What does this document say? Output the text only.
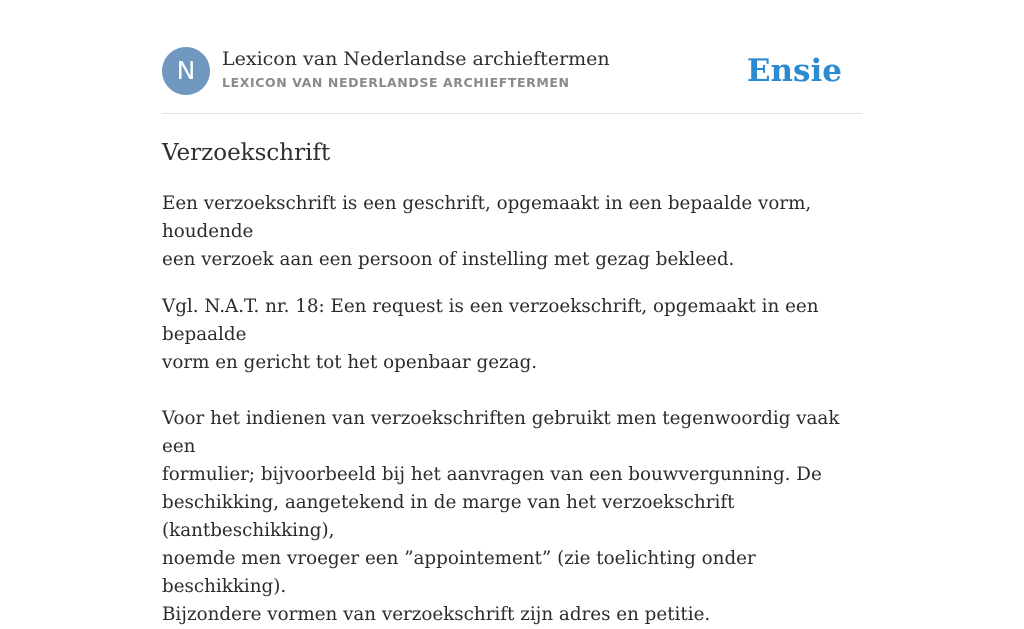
N	Lexicon van Nederlandse archieftermen
LEXICON VAN NEDERLANDSE ARCHIEFTERMEN	Ensie
Verzoekschrift

Een verzoekschrift is een geschrift, opgemaakt in een bepaalde vorm, houdende
een verzoek aan een persoon of instelling met gezag bekleed.

Vgl. N.A.T. nr. 18: Een request is een verzoekschrift, opgemaakt in een bepaalde
vorm en gericht tot het openbaar gezag.

Voor het indienen van verzoekschriften gebruikt men tegenwoordig vaak een
formulier; bijvoorbeeld bij het aanvragen van een bouwvergunning. De
beschikking, aangetekend in de marge van het verzoekschrift (kantbeschikking),
noemde men vroeger een ”appointement” (zie toelichting onder beschikking).
Bijzondere vormen van verzoekschrift zijn adres en petitie.
